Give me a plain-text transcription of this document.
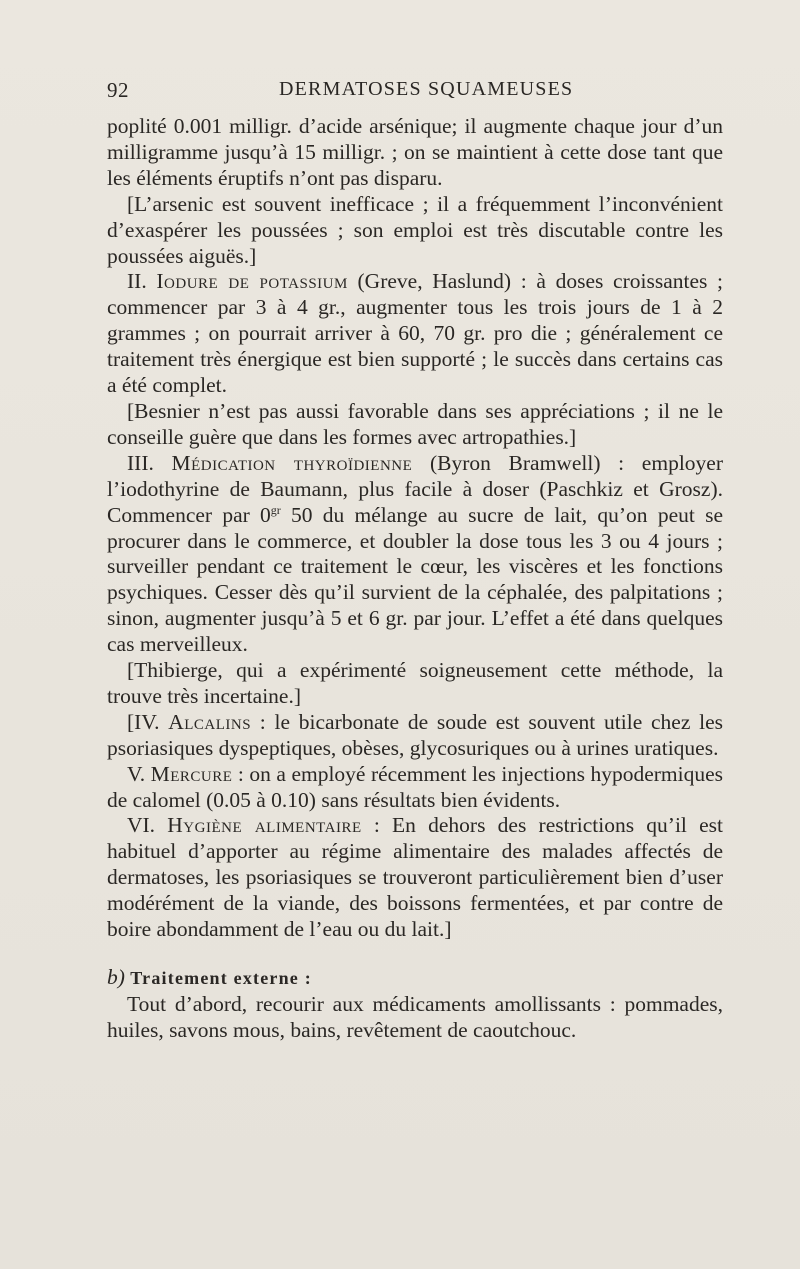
92	DERMATOSES SQUAMEUSES

poplité 0.001 milligr. d’acide arsénique; il augmente chaque jour d’un milligramme jusqu’à 15 milligr. ; on se maintient à cette dose tant que les éléments éruptifs n’ont pas disparu.

[L’arsenic est souvent inefficace ; il a fréquemment l’inconvénient d’exaspérer les poussées ; son emploi est très discutable contre les poussées aiguës.]

II. Iodure de potassium (Greve, Haslund) : à doses croissantes ; commencer par 3 à 4 gr., augmenter tous les trois jours de 1 à 2 grammes ; on pourrait arriver à 60, 70 gr. pro die ; généralement ce traitement très énergique est bien supporté ; le succès dans certains cas a été complet.

[Besnier n’est pas aussi favorable dans ses appréciations ; il ne le conseille guère que dans les formes avec artropathies.]

III. Médication thyroïdienne (Byron Bramwell) : employer l’iodothyrine de Baumann, plus facile à doser (Paschkiz et Grosz). Commencer par $0^{gr}$ 50 du mélange au sucre de lait, qu’on peut se procurer dans le commerce, et doubler la dose tous les 3 ou 4 jours ; surveiller pendant ce traitement le cœur, les viscères et les fonctions psychiques. Cesser dès qu’il survient de la céphalée, des palpitations ; sinon, augmenter jusqu’à 5 et 6 gr. par jour. L’effet a été dans quelques cas merveilleux.

[Thibierge, qui a expérimenté soigneusement cette méthode, la trouve très incertaine.]

[IV. Alcalins : le bicarbonate de soude est souvent utile chez les psoriasiques dyspeptiques, obèses, glycosuriques ou à urines uratiques.

V. Mercure : on a employé récemment les injections hypodermiques de calomel (0.05 à 0.10) sans résultats bien évidents.

VI. Hygiène alimentaire : En dehors des restrictions qu’il est habituel d’apporter au régime alimentaire des malades affectés de dermatoses, les psoriasiques se trouveront particulièrement bien d’user modérément de la viande, des boissons fermentées, et par contre de boire abondamment de l’eau ou du lait.]

b) Traitement externe :

Tout d’abord, recourir aux médicaments amollissants : pommades, huiles, savons mous, bains, revêtement de caoutchouc.
